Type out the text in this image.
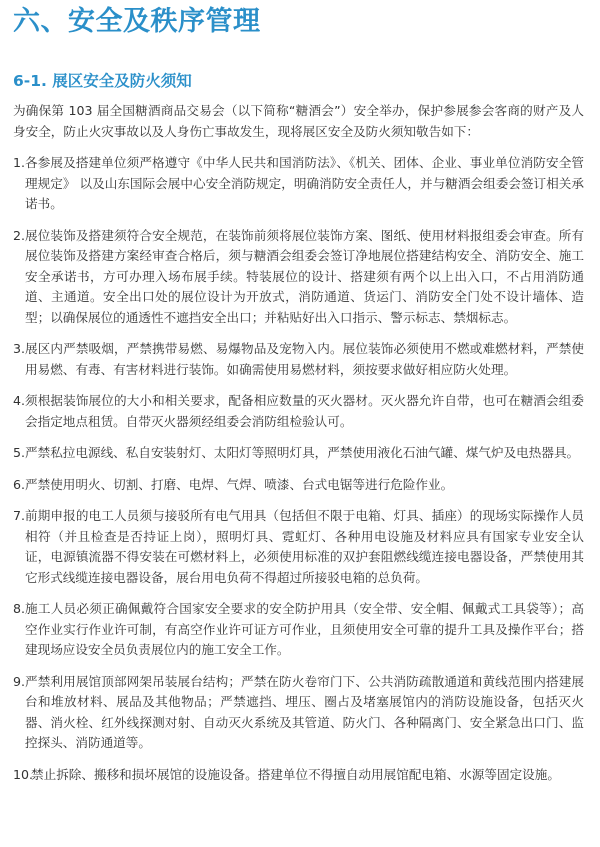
六、安全及秩序管理
6-1. 展区安全及防火须知

为确保第 103 届全国糖酒商品交易会（以下简称“糖酒会”）安全举办，保护参展参会客商的财产及人身安全，防止火灾事故以及人身伤亡事故发生，现将展区安全及防火须知敬告如下：

1. 各参展及搭建单位须严格遵守《中华人民共和国消防法》、《机关、团体、企业、事业单位消防安全管理规定》 以及山东国际会展中心安全消防规定，明确消防安全责任人，并与糖酒会组委会签订相关承诺书。
2. 展位装饰及搭建须符合安全规范，在装饰前须将展位装饰方案、图纸、使用材料报组委会审查。所有展位装饰及搭建方案经审查合格后，须与糖酒会组委会签订净地展位搭建结构安全、消防安全、施工安全承诺书，方可办理入场布展手续。特装展位的设计、搭建须有两个以上出入口，不占用消防通道、主通道。安全出口处的展位设计为开放式，消防通道、货运门、消防安全门处不设计墙体、造型；以确保展位的通透性不遮挡安全出口；并粘贴好出入口指示、警示标志、禁烟标志。
3. 展区内严禁吸烟，严禁携带易燃、易爆物品及宠物入内。展位装饰必须使用不燃或难燃材料，严禁使用易燃、有毒、有害材料进行装饰。如确需使用易燃材料，须按要求做好相应防火处理。
4. 须根据装饰展位的大小和相关要求，配备相应数量的灭火器材。灭火器允许自带，也可在糖酒会组委会指定地点租赁。自带灭火器须经组委会消防组检验认可。
5. 严禁私拉电源线、私自安装射灯、太阳灯等照明灯具，严禁使用液化石油气罐、煤气炉及电热器具。
6. 严禁使用明火、切割、打磨、电焊、气焊、喷漆、台式电锯等进行危险作业。
7. 前期申报的电工人员须与接驳所有电气用具（包括但不限于电箱、灯具、插座）的现场实际操作人员相符（并且检查是否持证上岗），照明灯具、霓虹灯、各种用电设施及材料应具有国家专业安全认证，电源镇流器不得安装在可燃材料上，必须使用标准的双护套阻燃线缆连接电器设备，严禁使用其它形式线缆连接电器设备，展台用电负荷不得超过所接驳电箱的总负荷。
8. 施工人员必须正确佩戴符合国家安全要求的安全防护用具（安全带、安全帽、佩戴式工具袋等）；高空作业实行作业许可制，有高空作业许可证方可作业，且须使用安全可靠的提升工具及操作平台；搭建现场应设安全员负责展位内的施工安全工作。
9. 严禁利用展馆顶部网架吊装展台结构；严禁在防火卷帘门下、公共消防疏散通道和黄线范围内搭建展台和堆放材料、展品及其他物品；严禁遮挡、埋压、圈占及堵塞展馆内的消防设施设备，包括灭火器、消火栓、红外线探测对射、自动灭火系统及其管道、防火门、各种隔离门、安全紧急出口门、监控探头、消防通道等。
10.
禁止拆除、搬移和损坏展馆的设施设备。搭建单位不得擅自动用展馆配电箱、水源等固定设施。
